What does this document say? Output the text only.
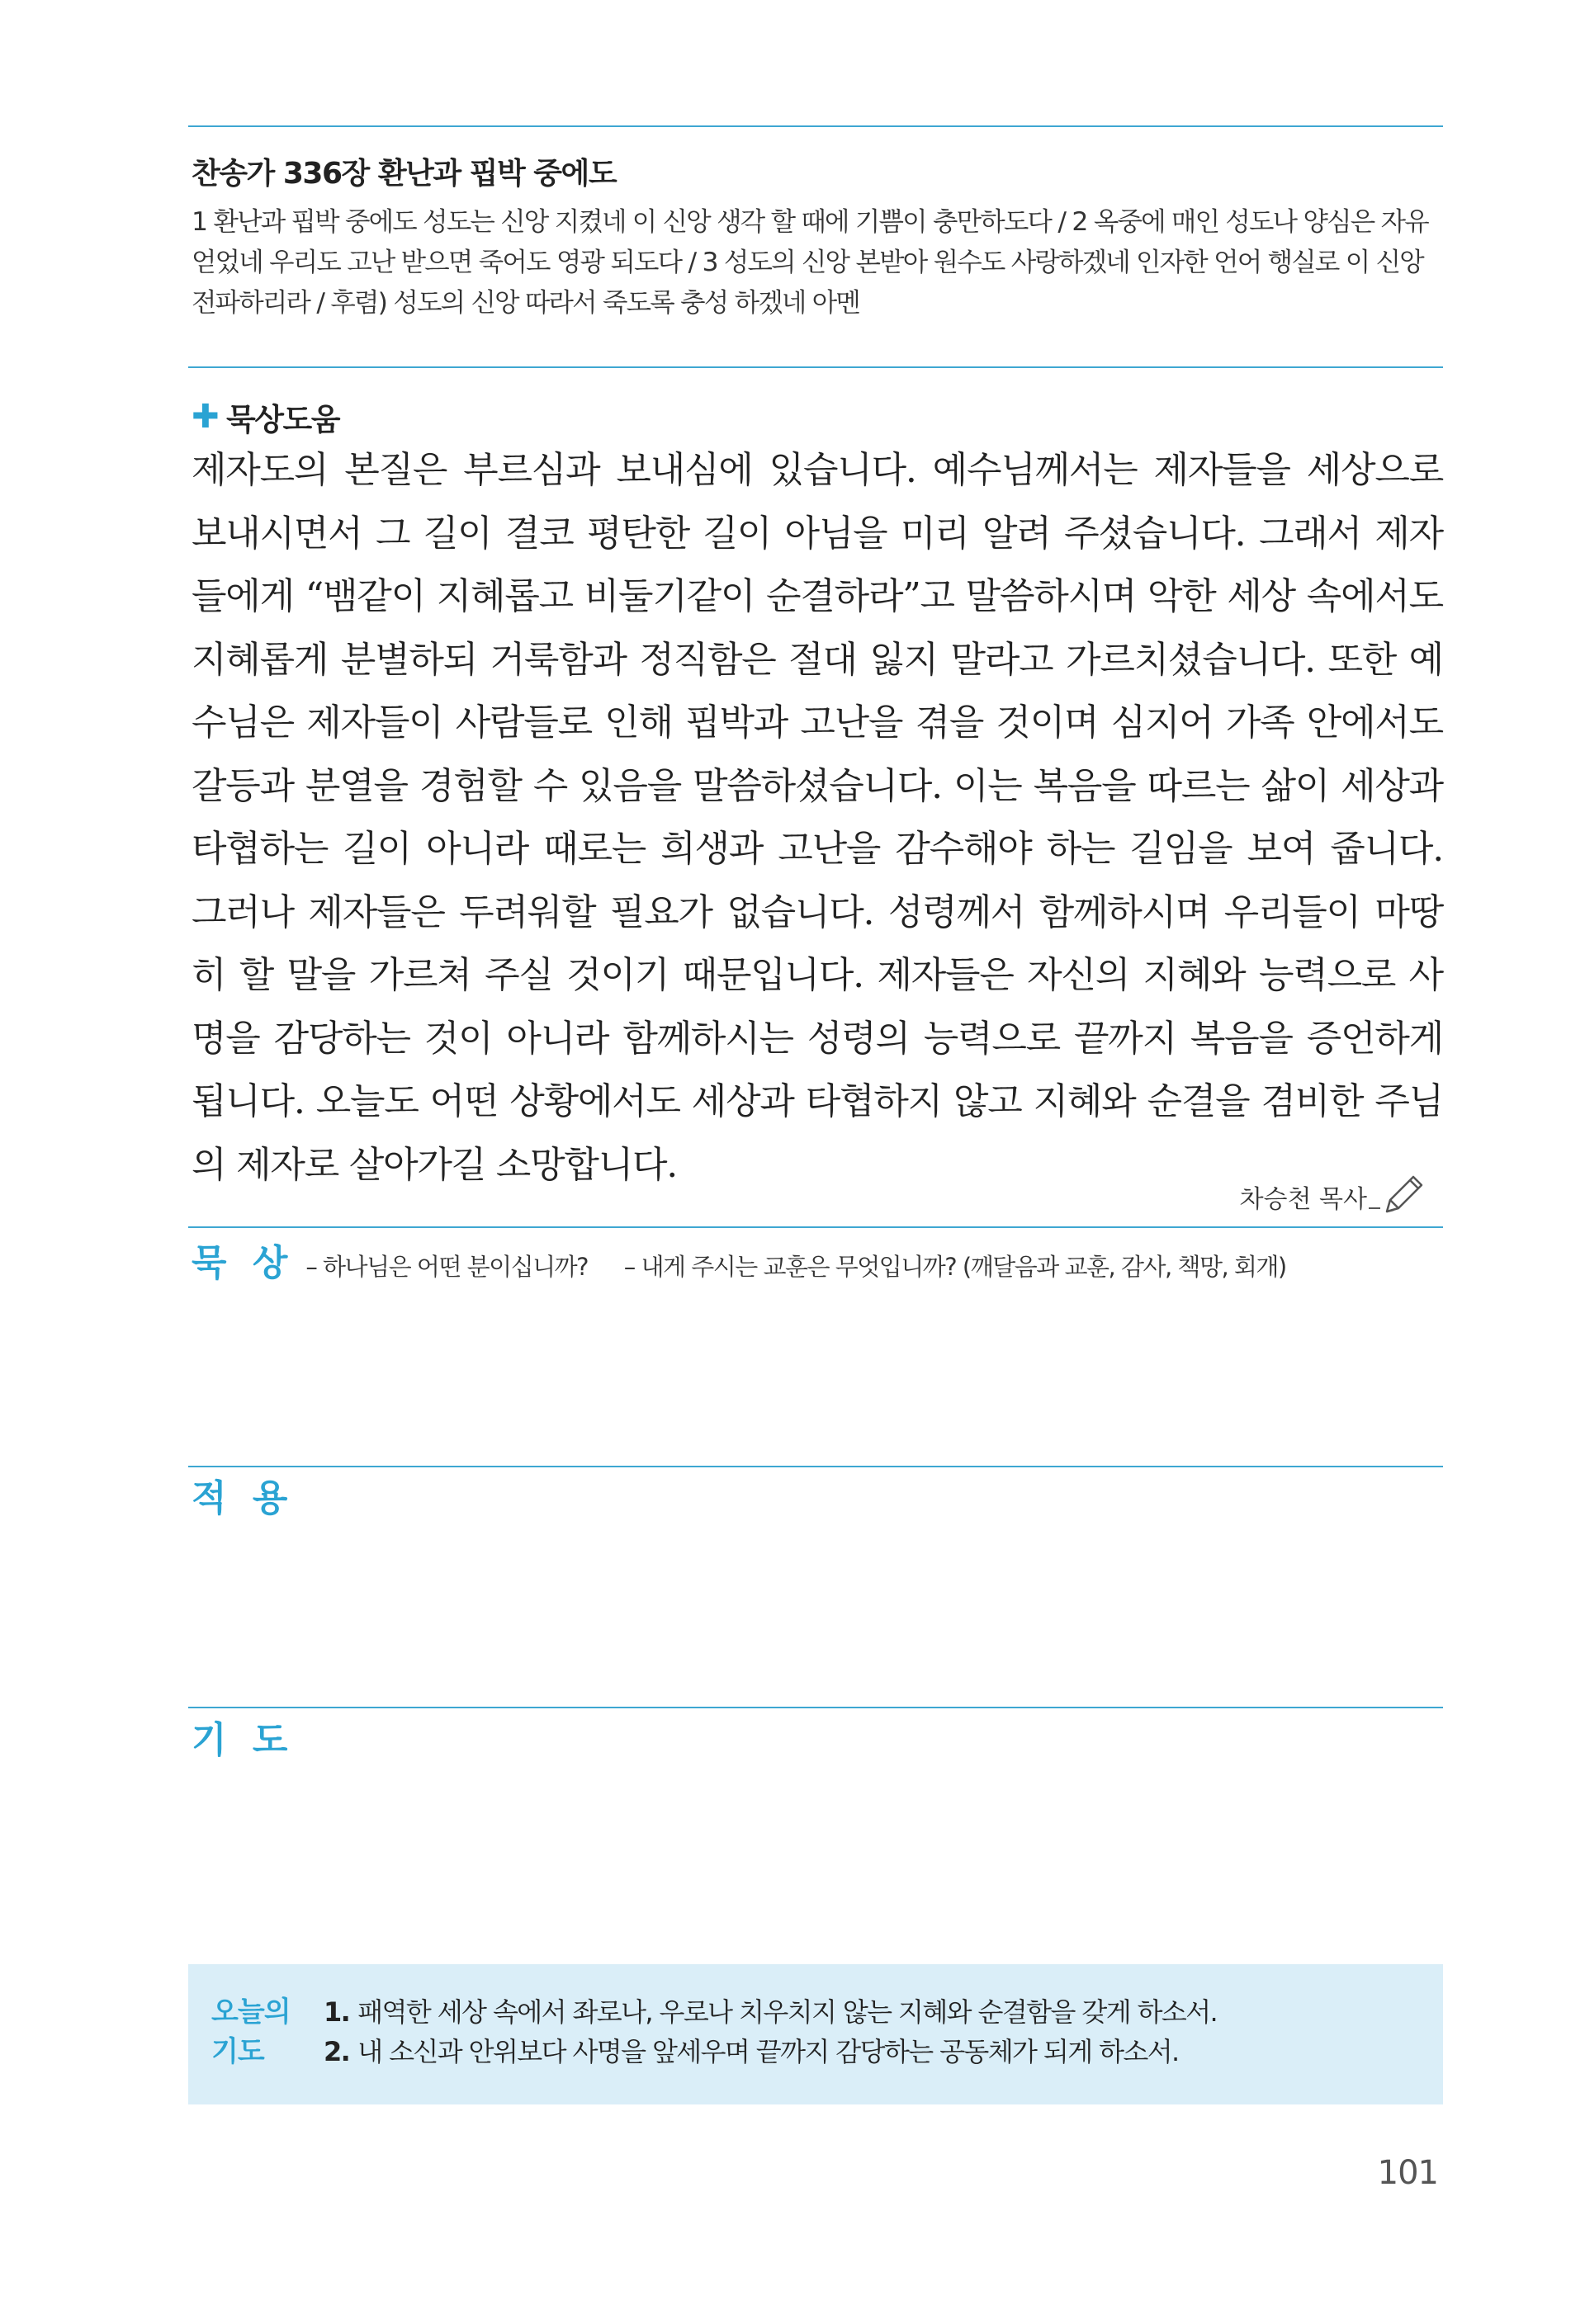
찬송가 336장 환난과 핍박 중에도
1 환난과 핍박 중에도 성도는 신앙 지켰네 이 신앙 생각 할 때에 기쁨이 충만하도다 / 2 옥중에 매인 성도나 양심은 자유 얻었네 우리도 고난 받으면 죽어도 영광 되도다 / 3 성도의 신앙 본받아 원수도 사랑하겠네 인자한 언어 행실로 이 신앙 전파하리라 / 후렴) 성도의 신앙 따라서 죽도록 충성 하겠네 아멘
✚ 묵상도움
제자도의 본질은 부르심과 보내심에 있습니다. 예수님께서는 제자들을 세상으로 보내시면서 그 길이 결코 평탄한 길이 아님을 미리 알려 주셨습니다. 그래서 제자들에게 “뱀같이 지혜롭고 비둘기같이 순결하라”고 말씀하시며 악한 세상 속에서도 지혜롭게 분별하되 거룩함과 정직함은 절대 잃지 말라고 가르치셨습니다. 또한 예수님은 제자들이 사람들로 인해 핍박과 고난을 겪을 것이며 심지어 가족 안에서도 갈등과 분열을 경험할 수 있음을 말씀하셨습니다. 이는 복음을 따르는 삶이 세상과 타협하는 길이 아니라 때로는 희생과 고난을 감수해야 하는 길임을 보여 줍니다. 그러나 제자들은 두려워할 필요가 없습니다. 성령께서 함께하시며 우리들이 마땅히 할 말을 가르쳐 주실 것이기 때문입니다. 제자들은 자신의 지혜와 능력으로 사명을 감당하는 것이 아니라 함께하시는 성령의 능력으로 끝까지 복음을 증언하게 됩니다. 오늘도 어떤 상황에서도 세상과 타협하지 않고 지혜와 순결을 겸비한 주님의 제자로 살아가길 소망합니다.
차승천 목사
묵 상 – 하나님은 어떤 분이십니까? – 내게 주시는 교훈은 무엇입니까? (깨달음과 교훈, 감사, 책망, 회개)
적 용
기 도
오늘의
기도
1. 패역한 세상 속에서 좌로나, 우로나 치우치지 않는 지혜와 순결함을 갖게 하소서.
2. 내 소신과 안위보다 사명을 앞세우며 끝까지 감당하는 공동체가 되게 하소서.
101
